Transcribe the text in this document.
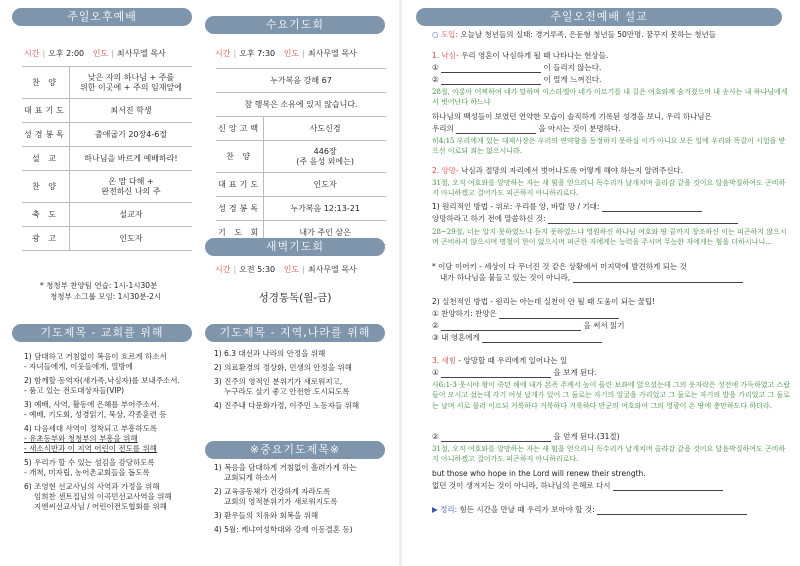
주일오후예배
시간 | 오후 2:00 인도 | 최사무엘 목사
찬 양	낮은 자의 하나님 + 주를
위한 이곳에 + 주의 임재앞에
대표기도	최서진 학생
성경봉독	출애굽기 20장4-6절
설 교	하나님을 바르게 예배하라!
찬 양	온 맘 다해 +
완전하신 나의 주
축 도	설교자
광 고	인도자
* 청청부 찬양팀 연습: 1시-1시30분
청청부 소그룹 모임: 1시30분-2시
수요기도회
시간 | 오후 7:30 인도 | 최사무엘 목사
누가복음 강해 67	
참 행복은 소유에 있지 않습니다.	
신앙고백	사도신경
찬 양	446장
(주 음성 외에는)
대표기도	인도자
성경봉독	누가복음 12:13-21
기 도 회	내가 주인 삼은
새벽기도회
시간 | 오전 5:30 인도 | 최사무엘 목사
성경통독(월-금)
기도제목 - 교회를 위해
1) 담대하고 거침없이 복음이 흐르게 하소서
- 자녀들에게, 이웃들에게, 열방에
2) 함께할 동역자(새가족,낙심자)를 보내주소서.
- 품고 있는 전도대상자들(VIP)
3) 예배, 사역, 활동에 은혜를 부어주소서.
- 예배, 기도회, 성경읽기, 묵상, 각종훈련 등
4) 다음세대 사역이 정착되고 부흥하도록
- 유초등부와 청청부의 부흥을 위해
- 새소식반과 이 지역 어린이 전도를 위해
5) 우리가 할 수 있는 섬김을 감당하도록
- 개척, 미자립, 농어촌교회들을 돕도록
6) 조영현 선교사님의 사역과 가정을 위해
임희찬 센트집님의 이곡민선교사역을 위해
지엔씨선교사님 / 어린이전도협회를 위해
기도제목 - 지역,나라를 위해
1) 6.3 대선과 나라의 안정을 위해
2) 의료환경의 정상화, 민생의 안정을 위해
3) 진주의 영적인 분위기가 새로워지고,
누구라도 살기 좋고 안전한 도시되도록
4) 진주내 다문화가정, 이주민 노동자들 위해
※중요기도제목※
1) 복음을 담대하게 거침없이 흘려가게 하는
교회되게 하소서
2) 교육공동체가 건강하게 자라도록
교회의 영적분위기가 새로워지도록
3) 환우들의 치유와 회복을 위해
4) 5월: 케냐여성학대와 강제 이동결혼 등)
주일오전예배 설교
○ 도입: 오늘날 청년들의 실태: 경거루족, 은둔형 청년들 50만명. 꿈꾸지 못하는 청년들
1. 낙심- 우리 영혼이 낙심하게 될 때 나타나는 현상들.
①	이 들리지 않는다.
②	이 멀게 느껴진다.
28절, 아롱아 어찌하여 네가 말하며 이스라엘아 네가 이르기를 내 길은 여호와께 숨겨졌으며 내 송사는 내 하나님에게서 벗어난다 하느냐
하나님의 백성들이 보였던 연약한 모습이 솔직하게 기록된 성경을 보니, 우리 하나님은
우리의	을 아시는 것이 분명하다.
히4:15 우리에게 있는 대제사장은 우리의 연약함을 동정하지 못하실 이가 아니요 모든 일에 우리와 똑같이 시험을 받으신 이로되 죄는 없으시니라.
2. 앙망- 낙심과 절망의 자리에서 벗어나도록 어떻게 해야 하는지 알려주신다.
31절, 오직 여호와를 앙망하는 자는 새 힘을 얻으리니 독수리가 날개치며 올라감 같을 것이요 달음박질하여도 곤비하지 아니하겠고 걸어가도 피곤하지 아니하리로다.
1) 원리적인 방법 - 위로: 우리를 앙, 바랄 망 / 기대:
앙망하라고 하기 전에 말씀하신 것:
28~29절, 너는 알지 못하였느냐 듣지 못하였느냐 영원하신 하나님 여호와 땅 끝까지 창조하신 이는 피곤하지 않으시며 곤비하지 않으시며 명철이 한이 없으시며 피곤한 자에게는 능력을 주시며 무능한 자에게는 힘을 더하시나니...
* 이담 이어키 - 세상이 다 무너진 것 같은 상황에서 미지막에 발견하게 되는 것
내가 하나님을 붙들고 있는 것이 아니라,
2) 실천적인 방법 - 원리는 아는데 실천이 안 될 때 도움이 되는 꿀팁!
① 찬양하기: 찬양은
②	을 써서 읽기
③ 내 영혼에게
3. 새힘 - 앙망할 때 우리에게 일어나는 일
①	을 보게 된다.
사6:1-3 웃시야 왕이 죽던 해에 내가 본즉 주께서 높이 들린 보좌에 앉으셨는데 그의 옷자락은 성전에 가득하였고 스랍들이 모시고 섰는데 각기 여섯 날개가 있어 그 둘로는 자기의 얼굴을 가리었고 그 둘로는 자기의 발을 가리었고 그 둘로는 날며 서로 불러 이르되 거룩하다 거룩하다 거룩하다 만군의 여호와여 그의 영광이 온 땅에 충만하도다 하더라.
②	을 얻게 된다.(31절)
31절, 오직 여호와를 앙망하는 자는 새 힘을 얻으리니 독수리가 날개치며 올라감 같을 것이요 달음박질하여도 곤비하지 아니하겠고 걸어가도 피곤하지 아니하리로다.
but those who hope in the Lord will renew their strength.
없던 것이 생겨지는 것이 아니라, 하나님의 은혜로 다시
▶ 정리: 힘든 시간을 만날 때 우리가 보아야 할 것:
